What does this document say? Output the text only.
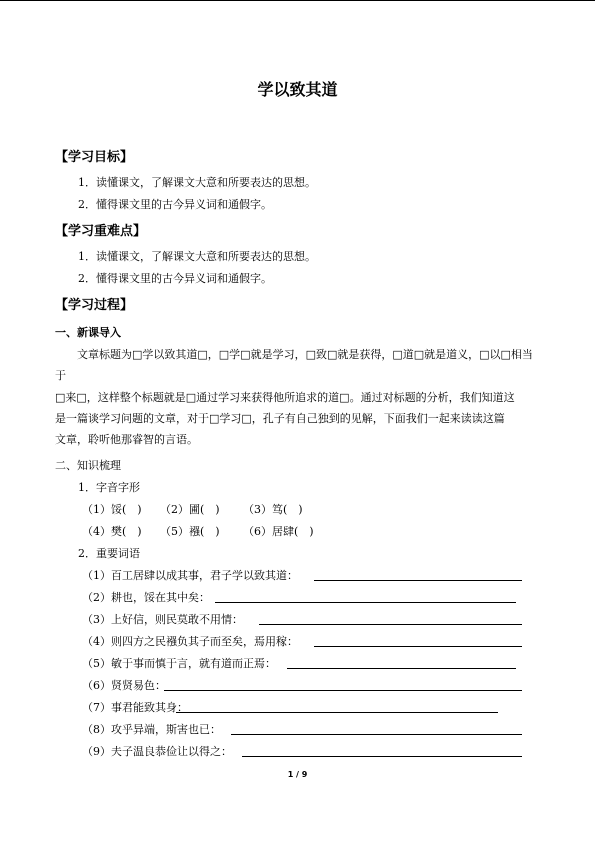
学以致其道
【学习目标】
1．读懂课文，了解课文大意和所要表达的思想。
2．懂得课文里的古今异义词和通假字。
【学习重难点】
1．读懂课文，了解课文大意和所要表达的思想。
2．懂得课文里的古今异义词和通假字。
【学习过程】
一、新课导入
文章标题为□学以致其道□，□学□就是学习，□致□就是获得，□道□就是道义，□以□相当于
□来□，这样整个标题就是□通过学习来获得他所追求的道□。通过对标题的分析，我们知道这
是一篇谈学习问题的文章，对于□学习□，孔子有自己独到的见解，下面我们一起来读读这篇
文章，聆听他那睿智的言语。
二、知识梳理
1．字音字形
（1）馁(　) （2）圃(　) （3）笃(　)
（4）樊(　) （5）襁(　) （6）居肆(　)
2．重要词语
（1）百工居肆以成其事，君子学以致其道：
（2）耕也，馁在其中矣：
（3）上好信，则民莫敢不用情：
（4）则四方之民襁负其子而至矣，焉用稼：
（5）敏于事而慎于言，就有道而正焉：
（6）贤贤易色：
（7）事君能致其身：
（8）攻乎异端，斯害也已：
（9）夫子温良恭俭让以得之：
1 / 9
